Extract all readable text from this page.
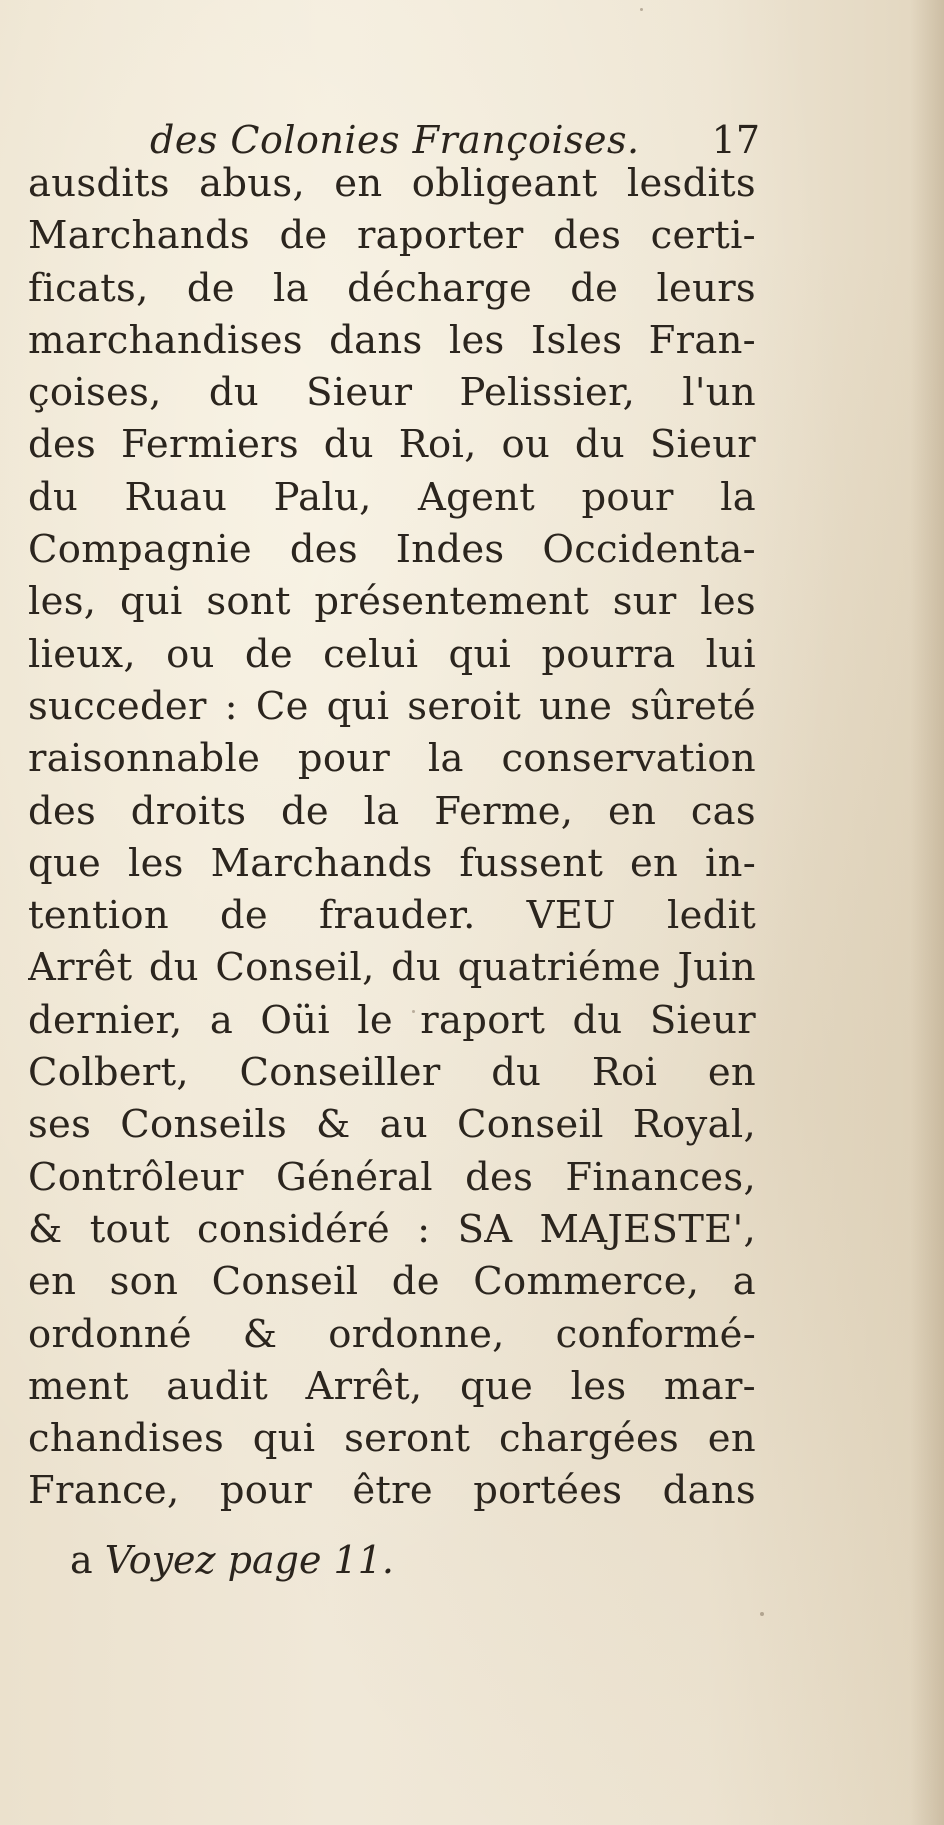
des Colonies Françoises. 17
ausdits abus, en obligeant lesdits
Marchands de raporter des certi-
ficats, de la décharge de leurs
marchandises dans les Isles Fran-
çoises, du Sieur Pelissier, l'un
des Fermiers du Roi, ou du Sieur
du Ruau Palu, Agent pour la
Compagnie des Indes Occidenta-
les, qui sont présentement sur les
lieux, ou de celui qui pourra lui
succeder : Ce qui seroit une sûreté
raisonnable pour la conservation
des droits de la Ferme, en cas
que les Marchands fussent en in-
tention de frauder. VEU ledit
Arrêt du Conseil, du quatriéme Juin
dernier, a Oüi le raport du Sieur
Colbert, Conseiller du Roi en
ses Conseils & au Conseil Royal,
Contrôleur Général des Finances,
& tout considéré : SA MAJESTE',
en son Conseil de Commerce, a
ordonné & ordonne, conformé-
ment audit Arrêt, que les mar-
chandises qui seront chargées en
France, pour être portées dans
a Voyez page 11.
